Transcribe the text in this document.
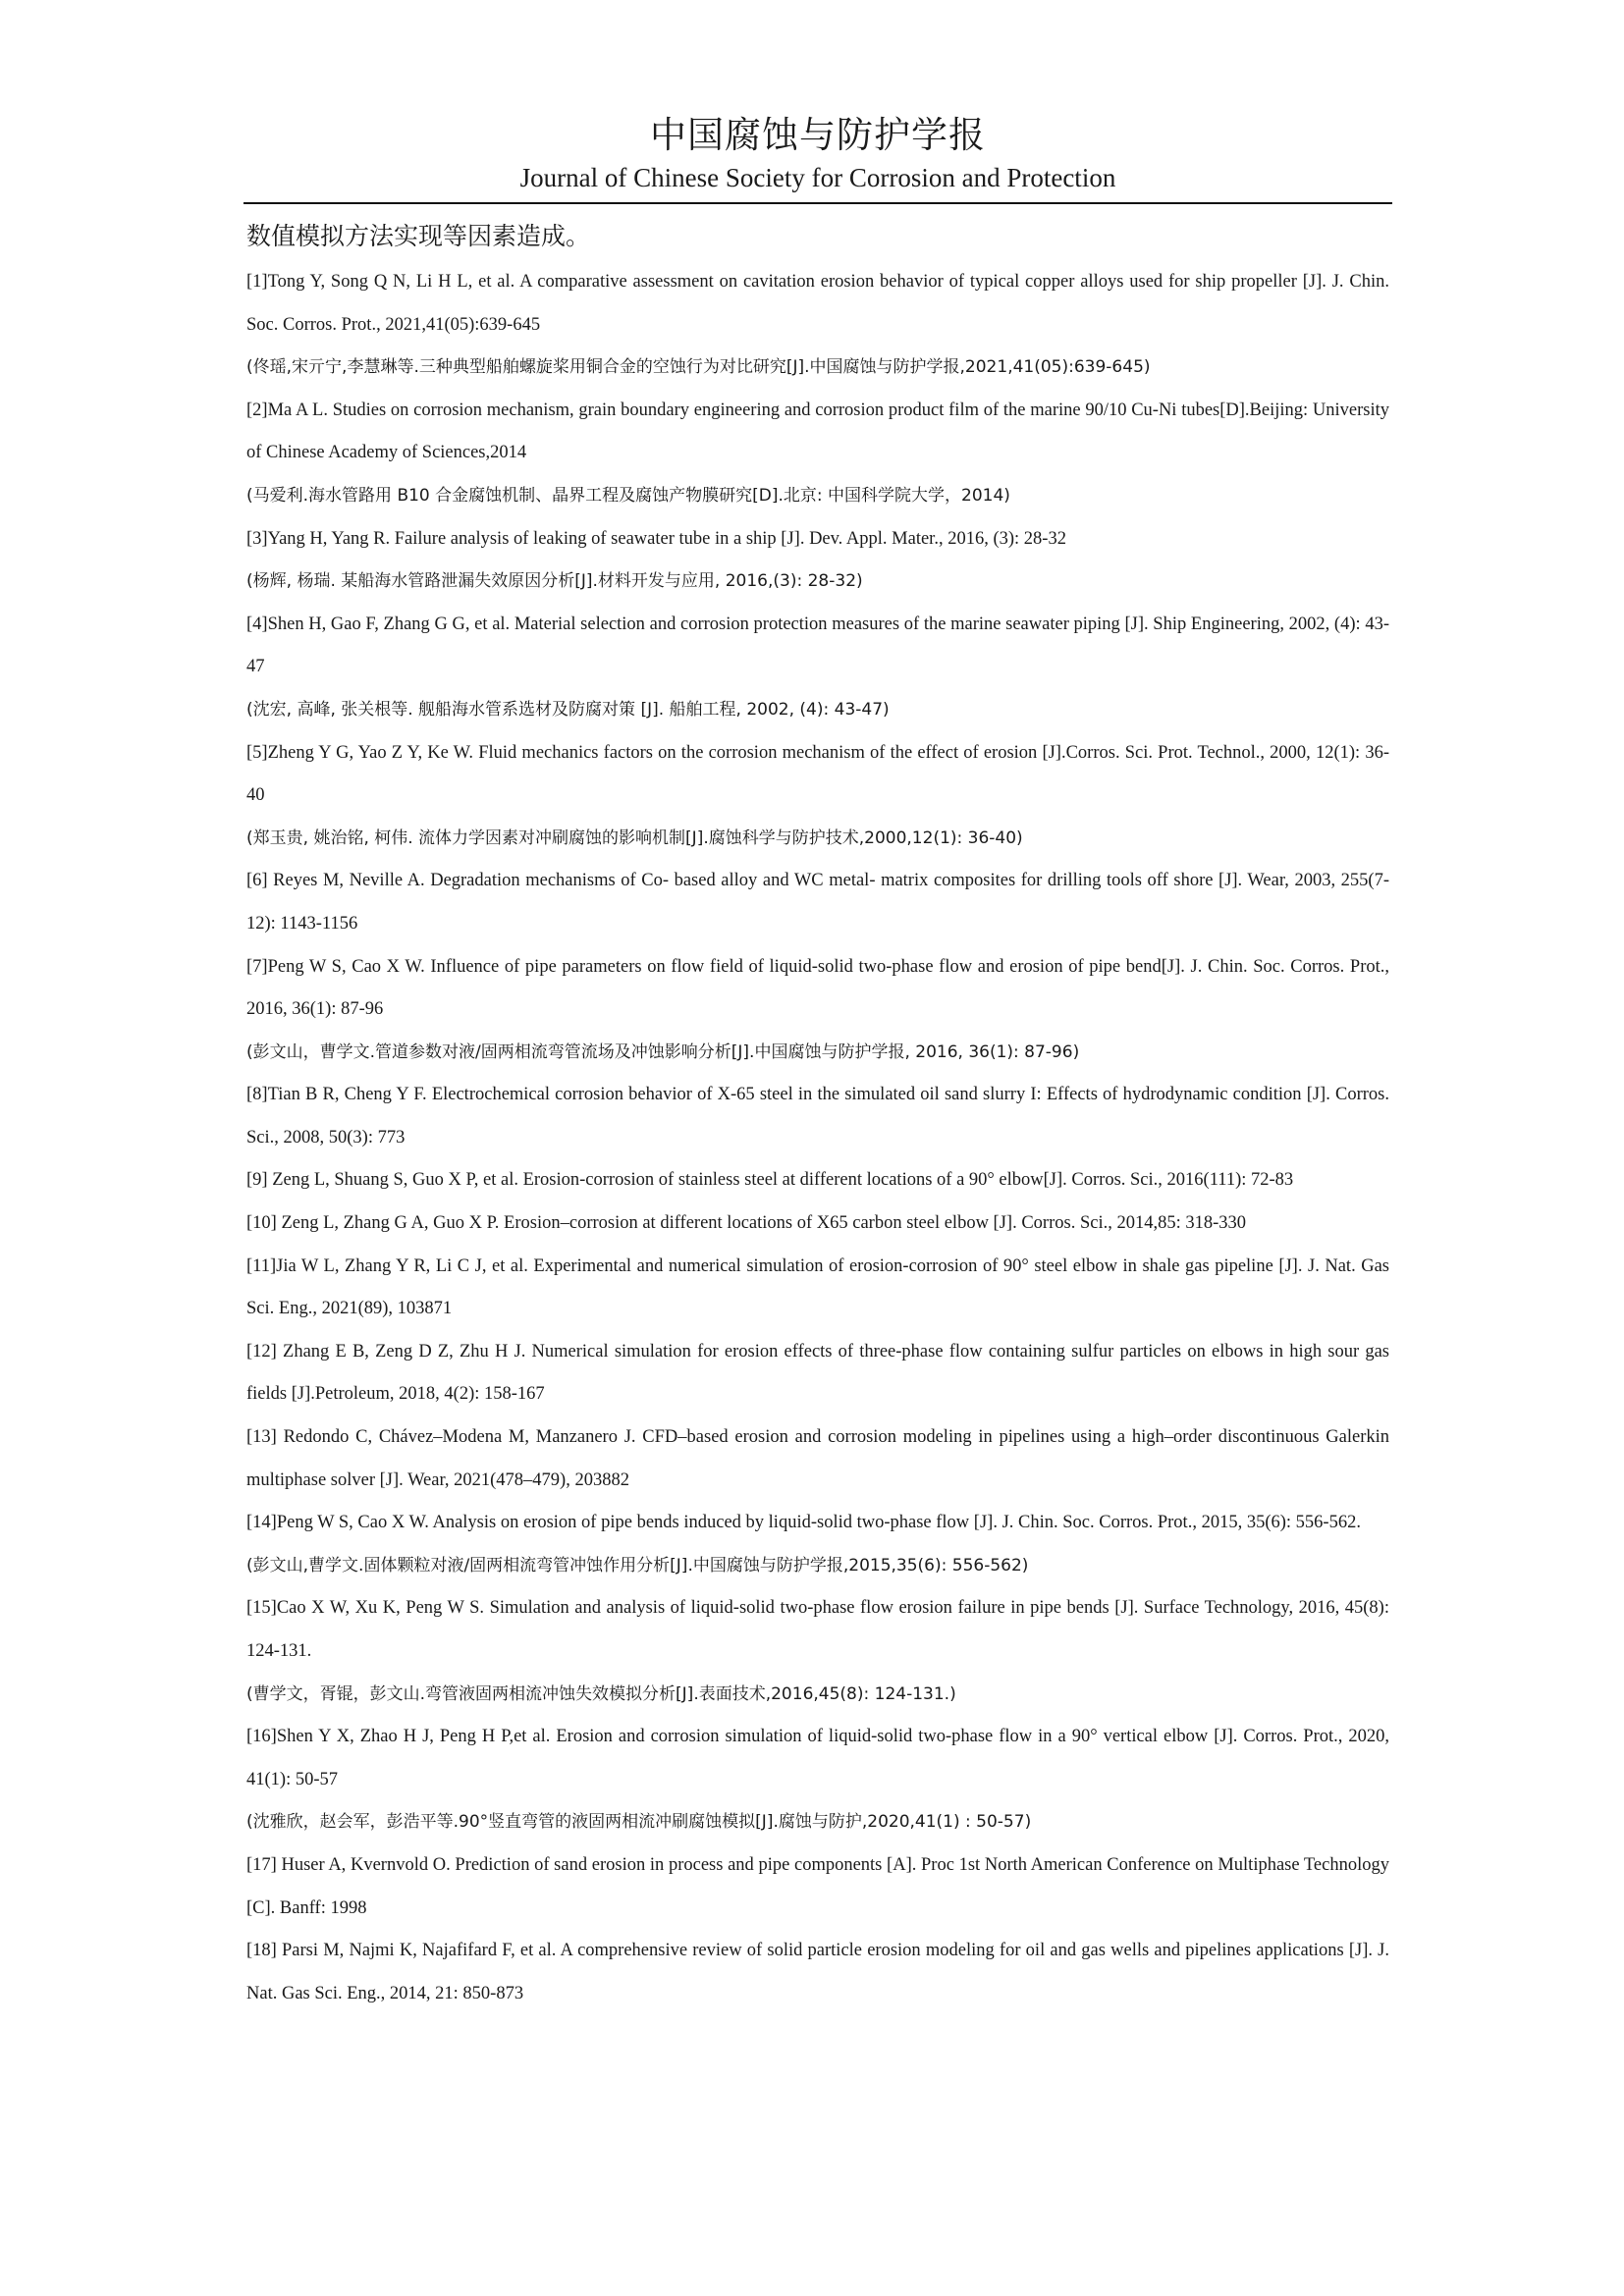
中国腐蚀与防护学报
Journal of Chinese Society for Corrosion and Protection
数值模拟方法实现等因素造成。

[1]Tong Y, Song Q N, Li H L, et al. A comparative assessment on cavitation erosion behavior of typical copper alloys used for ship propeller [J]. J. Chin. Soc. Corros. Prot., 2021,41(05):639-645

(佟瑶,宋亓宁,李慧琳等.三种典型船舶螺旋桨用铜合金的空蚀行为对比研究[J].中国腐蚀与防护学报,2021,41(05):639-645)

[2]Ma A L. Studies on corrosion mechanism, grain boundary engineering and corrosion product film of the marine 90/10 Cu-Ni tubes[D].Beijing: University of Chinese Academy of Sciences,2014

(马爱利.海水管路用 B10 合金腐蚀机制、晶界工程及腐蚀产物膜研究[D].北京: 中国科学院大学，2014)

[3]Yang H, Yang R. Failure analysis of leaking of seawater tube in a ship [J]. Dev. Appl. Mater., 2016, (3): 28-32

(杨辉, 杨瑞. 某船海水管路泄漏失效原因分析[J].材料开发与应用, 2016,(3): 28-32)

[4]Shen H, Gao F, Zhang G G, et al. Material selection and corrosion protection measures of the marine seawater piping [J]. Ship Engineering, 2002, (4): 43-47

(沈宏, 高峰, 张关根等. 舰船海水管系选材及防腐对策 [J]. 船舶工程, 2002, (4): 43-47)

[5]Zheng Y G, Yao Z Y, Ke W. Fluid mechanics factors on the corrosion mechanism of the effect of erosion [J].Corros. Sci. Prot. Technol., 2000, 12(1): 36-40

(郑玉贵, 姚治铭, 柯伟. 流体力学因素对冲刷腐蚀的影响机制[J].腐蚀科学与防护技术,2000,12(1): 36-40)

[6] Reyes M, Neville A. Degradation mechanisms of Co- based alloy and WC metal- matrix composites for drilling tools off shore [J]. Wear, 2003, 255(7-12): 1143-1156

[7]Peng W S, Cao X W. Influence of pipe parameters on flow field of liquid-solid two-phase flow and erosion of pipe bend[J]. J. Chin. Soc. Corros. Prot., 2016, 36(1): 87-96

(彭文山，曹学文.管道参数对液/固两相流弯管流场及冲蚀影响分析[J].中国腐蚀与防护学报, 2016, 36(1): 87-96)

[8]Tian B R, Cheng Y F. Electrochemical corrosion behavior of X-65 steel in the simulated oil sand slurry I: Effects of hydrodynamic condition [J]. Corros. Sci., 2008, 50(3): 773

[9] Zeng L, Shuang S, Guo X P, et al. Erosion-corrosion of stainless steel at different locations of a 90° elbow[J]. Corros. Sci., 2016(111): 72-83

[10] Zeng L, Zhang G A, Guo X P. Erosion–corrosion at different locations of X65 carbon steel elbow [J]. Corros. Sci., 2014,85: 318-330

[11]Jia W L, Zhang Y R, Li C J, et al. Experimental and numerical simulation of erosion-corrosion of 90° steel elbow in shale gas pipeline [J]. J. Nat. Gas Sci. Eng., 2021(89), 103871

[12] Zhang E B, Zeng D Z, Zhu H J. Numerical simulation for erosion effects of three-phase flow containing sulfur particles on elbows in high sour gas fields [J].Petroleum, 2018, 4(2): 158-167

[13] Redondo C, Chávez–Modena M, Manzanero J. CFD–based erosion and corrosion modeling in pipelines using a high–order discontinuous Galerkin multiphase solver [J]. Wear, 2021(478–479), 203882

[14]Peng W S, Cao X W. Analysis on erosion of pipe bends induced by liquid-solid two-phase flow [J]. J. Chin. Soc. Corros. Prot., 2015, 35(6): 556-562.

(彭文山,曹学文.固体颗粒对液/固两相流弯管冲蚀作用分析[J].中国腐蚀与防护学报,2015,35(6): 556-562)

[15]Cao X W, Xu K, Peng W S. Simulation and analysis of liquid-solid two-phase flow erosion failure in pipe bends [J]. Surface Technology, 2016, 45(8): 124-131.

(曹学文，胥锟，彭文山.弯管液固两相流冲蚀失效模拟分析[J].表面技术,2016,45(8): 124-131.)

[16]Shen Y X, Zhao H J, Peng H P,et al. Erosion and corrosion simulation of liquid-solid two-phase flow in a 90° vertical elbow [J]. Corros. Prot., 2020, 41(1): 50-57

(沈雅欣，赵会军，彭浩平等.90°竖直弯管的液固两相流冲刷腐蚀模拟[J].腐蚀与防护,2020,41(1) : 50-57)

[17] Huser A, Kvernvold O. Prediction of sand erosion in process and pipe components [A]. Proc 1st North American Conference on Multiphase Technology [C]. Banff: 1998

[18] Parsi M, Najmi K, Najafifard F, et al. A comprehensive review of solid particle erosion modeling for oil and gas wells and pipelines applications [J]. J. Nat. Gas Sci. Eng., 2014, 21: 850-873
